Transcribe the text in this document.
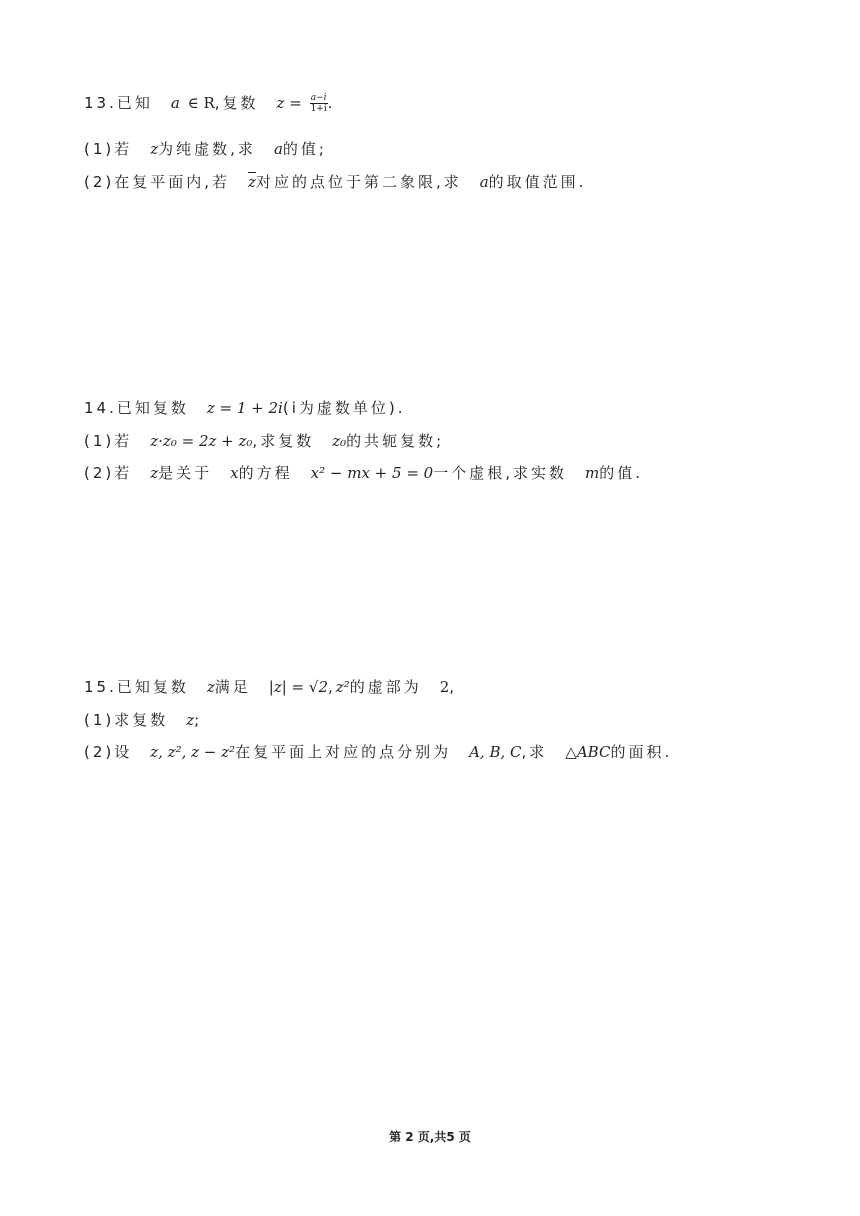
13.已知 a ∈ R,复数 $z = \frac{a-i}{1+i}$ .
(1)若 z为纯虚数,求 a的值;
(2)在复平面内,若 $\overline{z}$对应的点位于第二象限,求 a的取值范围.
14.已知复数 z = 1 + 2i(i为虚数单位).
(1)若 z·z₀ = 2z + z₀,求复数 z₀的共轭复数;
(2)若 z是关于 x的方程 x² − mx + 5 = 0一个虚根,求实数 m的值.
15.已知复数 z满足 |z| = √2,z²的虚部为 2,
(1)求复数 z;
(2)设 z, z², z − z²在复平面上对应的点分别为 A, B, C,求 △ABC的面积.
第 2 页,共5 页
